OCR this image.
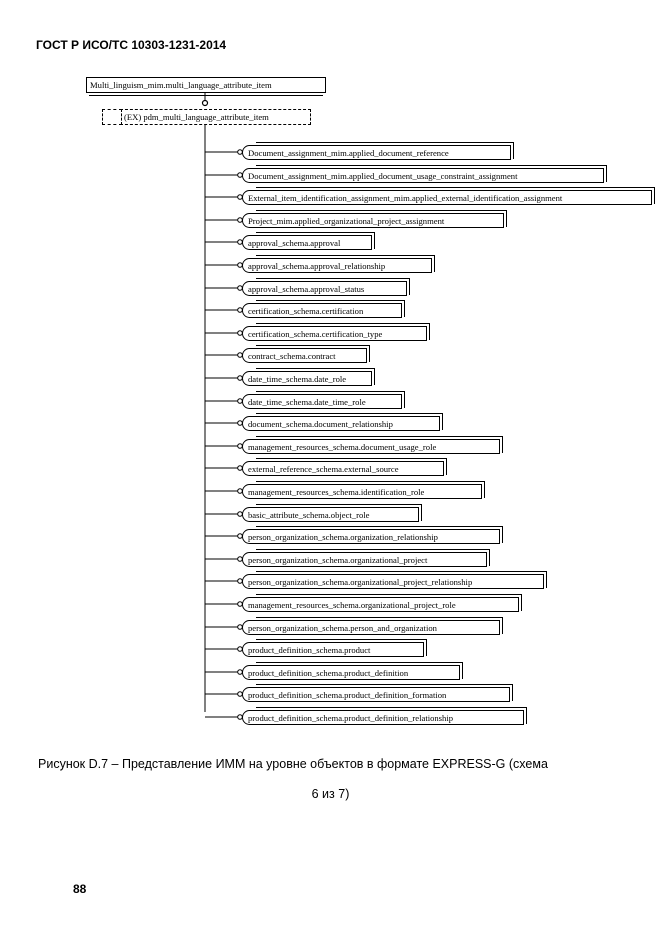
ГОСТ Р ИСО/ТС 10303-1231-2014
Multi_linguism_mim.multi_language_attribute_item
(EX) pdm_multi_language_attribute_item
Document_assignment_mim.applied_document_reference
Document_assignment_mim.applied_document_usage_constraint_assignment
External_item_identification_assignment_mim.applied_external_identification_assignment
Project_mim.applied_organizational_project_assignment
approval_schema.approval
approval_schema.approval_relationship
approval_schema.approval_status
certification_schema.certification
certification_schema.certification_type
contract_schema.contract
date_time_schema.date_role
date_time_schema.date_time_role
document_schema.document_relationship
management_resources_schema.document_usage_role
external_reference_schema.external_source
management_resources_schema.identification_role
basic_attribute_schema.object_role
person_organization_schema.organization_relationship
person_organization_schema.organizational_project
person_organization_schema.organizational_project_relationship
management_resources_schema.organizational_project_role
person_organization_schema.person_and_organization
product_definition_schema.product
product_definition_schema.product_definition
product_definition_schema.product_definition_formation
product_definition_schema.product_definition_relationship
Рисунок D.7 – Представление ИММ на уровне объектов в формате EXPRESS-G (схема
6 из 7)
88
